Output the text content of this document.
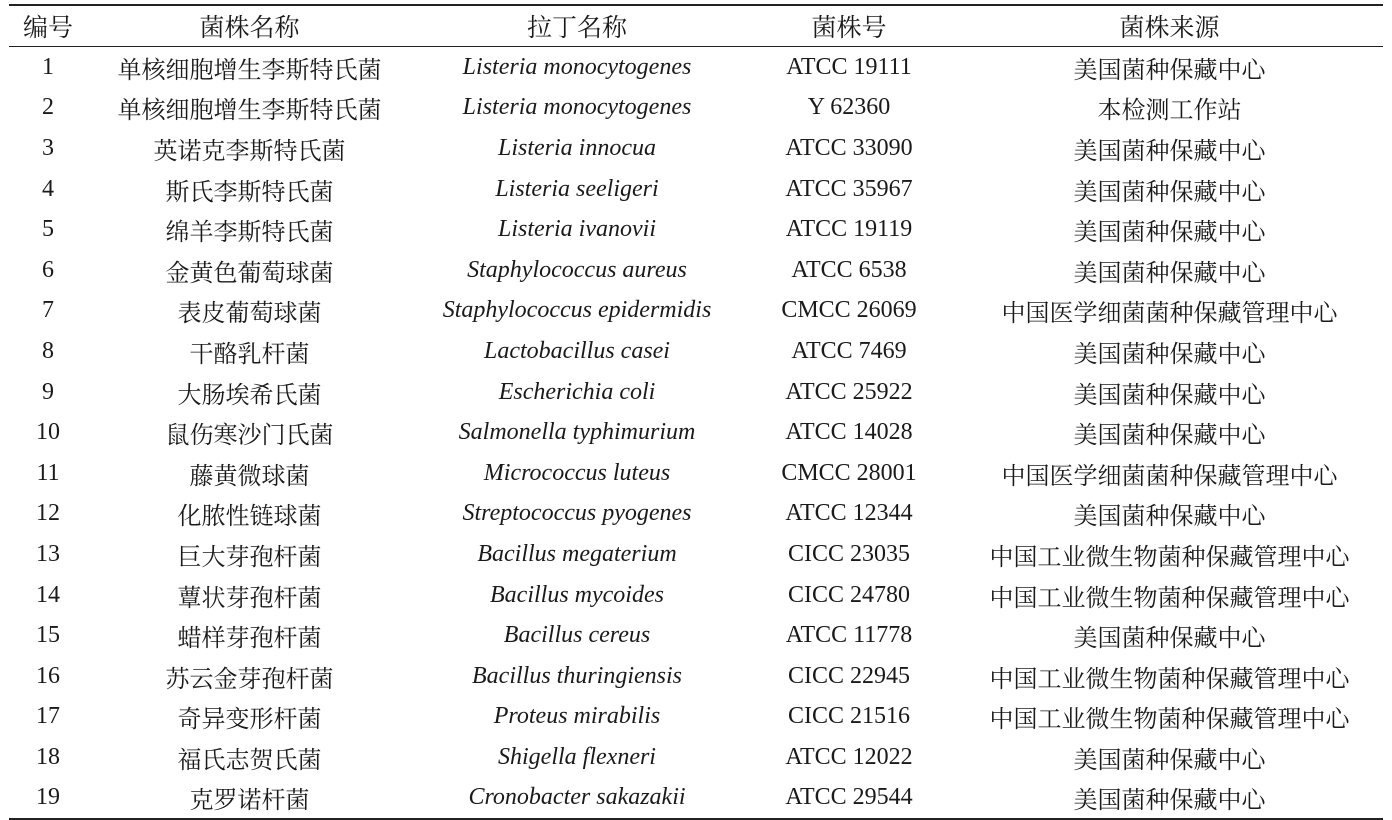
编号	菌株名称	拉丁名称	菌株号	菌株来源
1	单核细胞增生李斯特氏菌	Listeria monocytogenes	ATCC 19111	美国菌种保藏中心
2	单核细胞增生李斯特氏菌	Listeria monocytogenes	Y 62360	本检测工作站
3	英诺克李斯特氏菌	Listeria innocua	ATCC 33090	美国菌种保藏中心
4	斯氏李斯特氏菌	Listeria seeligeri	ATCC 35967	美国菌种保藏中心
5	绵羊李斯特氏菌	Listeria ivanovii	ATCC 19119	美国菌种保藏中心
6	金黄色葡萄球菌	Staphylococcus aureus	ATCC 6538	美国菌种保藏中心
7	表皮葡萄球菌	Staphylococcus epidermidis	CMCC 26069	中国医学细菌菌种保藏管理中心
8	干酪乳杆菌	Lactobacillus casei	ATCC 7469	美国菌种保藏中心
9	大肠埃希氏菌	Escherichia coli	ATCC 25922	美国菌种保藏中心
10	鼠伤寒沙门氏菌	Salmonella typhimurium	ATCC 14028	美国菌种保藏中心
11	藤黄微球菌	Micrococcus luteus	CMCC 28001	中国医学细菌菌种保藏管理中心
12	化脓性链球菌	Streptococcus pyogenes	ATCC 12344	美国菌种保藏中心
13	巨大芽孢杆菌	Bacillus megaterium	CICC 23035	中国工业微生物菌种保藏管理中心
14	蕈状芽孢杆菌	Bacillus mycoides	CICC 24780	中国工业微生物菌种保藏管理中心
15	蜡样芽孢杆菌	Bacillus cereus	ATCC 11778	美国菌种保藏中心
16	苏云金芽孢杆菌	Bacillus thuringiensis	CICC 22945	中国工业微生物菌种保藏管理中心
17	奇异变形杆菌	Proteus mirabilis	CICC 21516	中国工业微生物菌种保藏管理中心
18	福氏志贺氏菌	Shigella flexneri	ATCC 12022	美国菌种保藏中心
19	克罗诺杆菌	Cronobacter sakazakii	ATCC 29544	美国菌种保藏中心
